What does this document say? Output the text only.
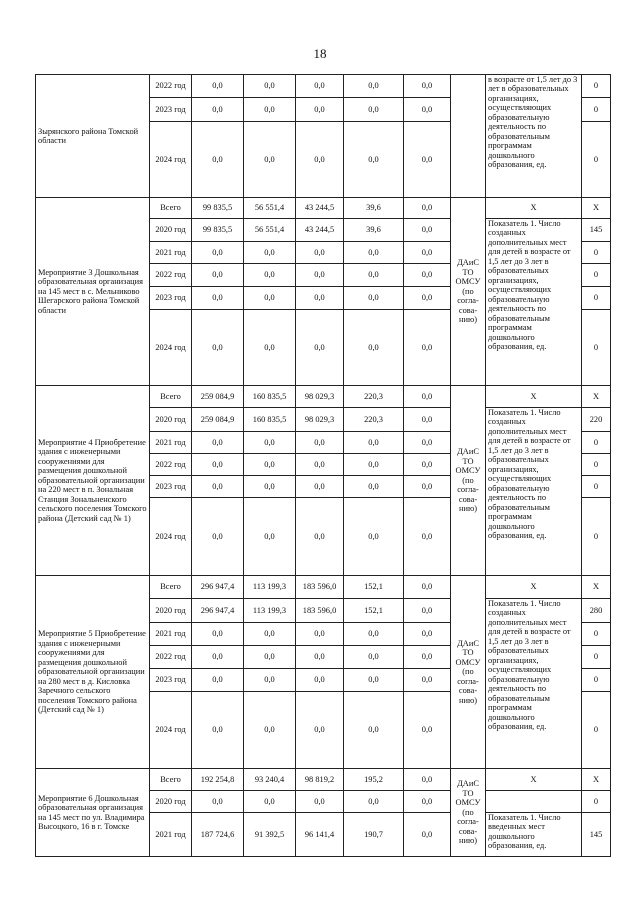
18
Зырянского района Томской области	2022 год	0,0	0,0	0,0	0,0	0,0		в возрасте от 1,5 лет до 3 лет в образовательных организациях, осуществляющих образовательную деятельность по образовательным программам дошкольного образования, ед.	0
	2023 год	0,0	0,0	0,0	0,0	0,0			0
	2024 год	0,0	0,0	0,0	0,0	0,0			0
Мероприятие 3 Дошкольная образовательная организация на 145 мест в с. Мельниково Шегарского района Томской области	Всего	99 835,5	56 551,4	43 244,5	39,6	0,0	ДАиС ТО ОМСУ (по согла-сова-нию)	Х	Х
	2020 год	99 835,5	56 551,4	43 244,5	39,6	0,0		Показатель 1. Число созданных дополнительных мест для детей в возрасте от 1,5 лет до 3 лет в образовательных организациях, осуществляющих образовательную деятельность по образовательным программам дошкольного образования, ед.	145
	2021 год	0,0	0,0	0,0	0,0	0,0			0
	2022 год	0,0	0,0	0,0	0,0	0,0			0
	2023 год	0,0	0,0	0,0	0,0	0,0			0
	2024 год	0,0	0,0	0,0	0,0	0,0			0
Мероприятие 4 Приобретение здания с инженерными сооружениями для размещения дошкольной образовательной организации на 220 мест в п. Зональная Станция Зональненского сельского поселения Томского района (Детский сад № 1)	Всего	259 084,9	160 835,5	98 029,3	220,3	0,0	ДАиС ТО ОМСУ (по согла-сова-нию)	Х	Х
	2020 год	259 084,9	160 835,5	98 029,3	220,3	0,0		Показатель 1. Число созданных дополнительных мест для детей в возрасте от 1,5 лет до 3 лет в образовательных организациях, осуществляющих образовательную деятельность по образовательным программам дошкольного образования, ед.	220
	2021 год	0,0	0,0	0,0	0,0	0,0			0
	2022 год	0,0	0,0	0,0	0,0	0,0			0
	2023 год	0,0	0,0	0,0	0,0	0,0			0
	2024 год	0,0	0,0	0,0	0,0	0,0			0
Мероприятие 5 Приобретение здания с инженерными сооружениями для размещения дошкольной образовательной организации на 280 мест в д. Кисловка Заречного сельского поселения Томского района (Детский сад № 1)	Всего	296 947,4	113 199,3	183 596,0	152,1	0,0	ДАиС ТО ОМСУ (по согла-сова-нию)	Х	Х
	2020 год	296 947,4	113 199,3	183 596,0	152,1	0,0		Показатель 1. Число созданных дополнительных мест для детей в возрасте от 1,5 лет до 3 лет в образовательных организациях, осуществляющих образовательную деятельность по образовательным программам дошкольного образования, ед.	280
	2021 год	0,0	0,0	0,0	0,0	0,0			0
	2022 год	0,0	0,0	0,0	0,0	0,0			0
	2023 год	0,0	0,0	0,0	0,0	0,0			0
	2024 год	0,0	0,0	0,0	0,0	0,0			0
Мероприятие 6 Дошкольная образовательная организация на 145 мест по ул. Владимира Высоцкого, 16 в г. Томске	Всего	192 254,8	93 240,4	98 819,2	195,2	0,0	ДАиС ТО ОМСУ (по согла-сова-нию)	Х	Х
	2020 год	0,0	0,0	0,0	0,0	0,0			0
	2021 год	187 724,6	91 392,5	96 141,4	190,7	0,0		Показатель 1. Число введенных мест дошкольного образования, ед.	145
